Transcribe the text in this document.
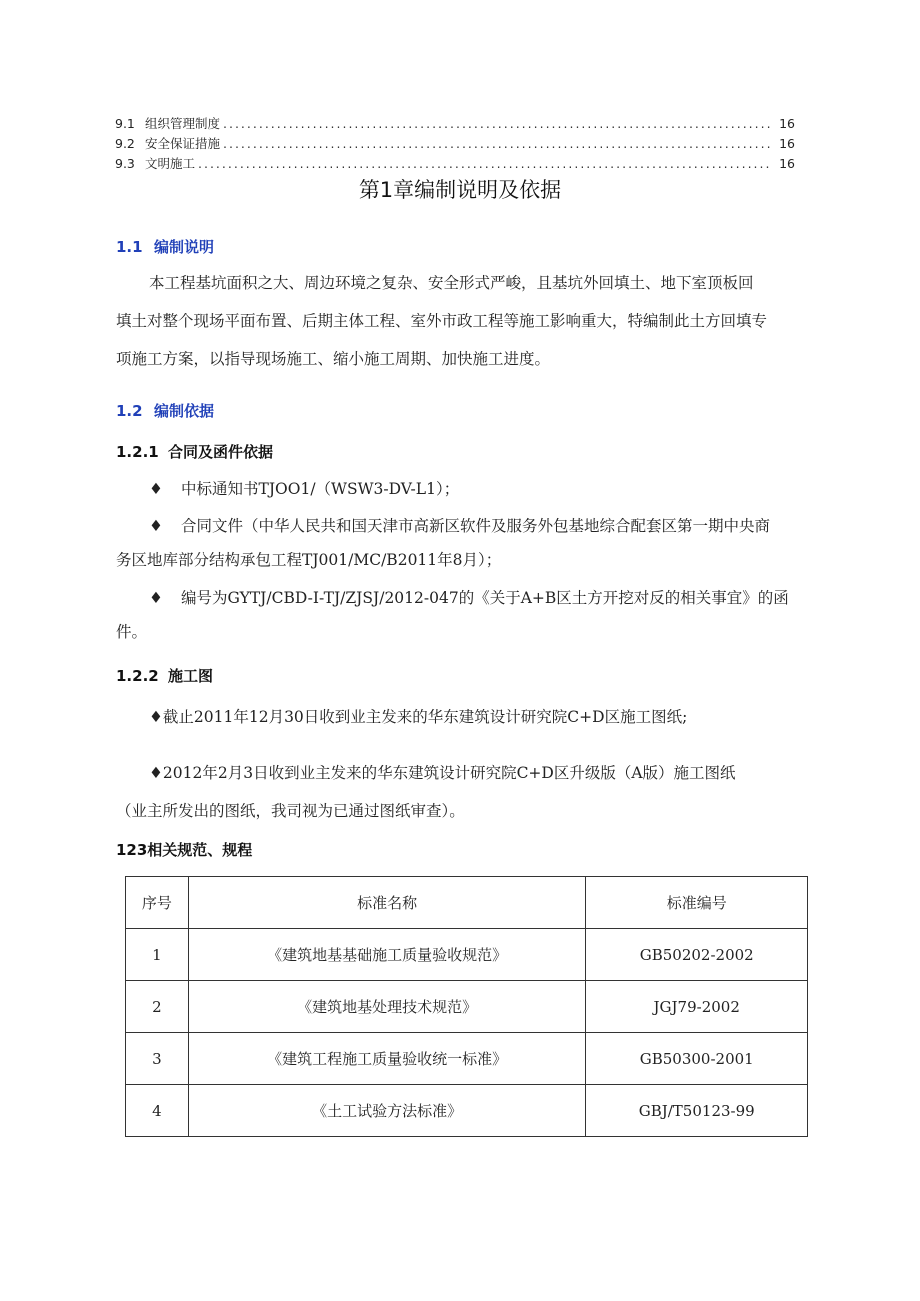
9.1 组织管理制度 .....	16
9.2 安全保证措施 .....	16
9.3 文明施工 .....	16
第1章编制说明及依据
1.1 编制说明
本工程基坑面积之大、周边环境之复杂、安全形式严峻，且基坑外回填土、地下室顶板回
填土对整个现场平面布置、后期主体工程、室外市政工程等施工影响重大，特编制此土方回填专
项施工方案，以指导现场施工、缩小施工周期、加快施工进度。
1.2 编制依据
1.2.1 合同及函件依据
♦ 中标通知书TJOO1/（WSW3-DV-L1）；
♦ 合同文件（中华人民共和国天津市高新区软件及服务外包基地综合配套区第一期中央商
务区地库部分结构承包工程TJ001/MC/B2011年8月）；
♦ 编号为GYTJ/CBD-I-TJ/ZJSJ/2012-047的《关于A+B区土方开挖对反的相关事宜》的函
件。
1.2.2 施工图
♦截止2011年12月30日收到业主发来的华东建筑设计研究院C+D区施工图纸;
♦2012年2月3日收到业主发来的华东建筑设计研究院C+D区升级版（A版）施工图纸
（业主所发出的图纸，我司视为已通过图纸审查）。
123相关规范、规程
序号	标准名称	标准编号
1	《建筑地基基础施工质量验收规范》	GB50202-2002
2	《建筑地基处理技术规范》	JGJ79-2002
3	《建筑工程施工质量验收统一标准》	GB50300-2001
4	《土工试验方法标准》	GBJ/T50123-99
